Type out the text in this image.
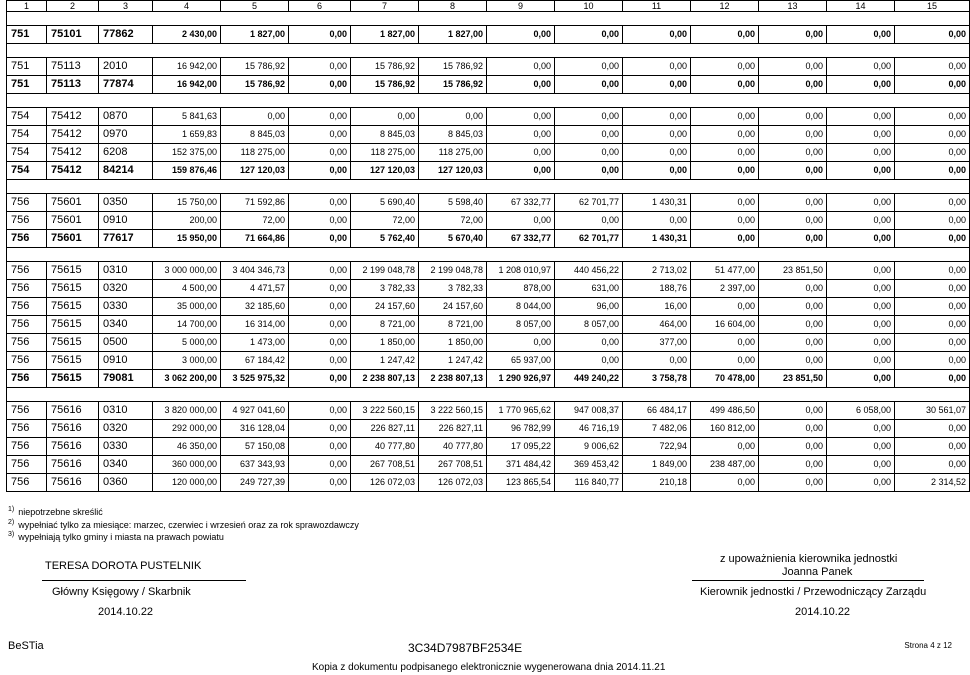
1	2	3	4	5	6	7	8	9	10	11	12	13	14	15

751	75101	77862	2 430,00	1 827,00	0,00	1 827,00	1 827,00	0,00	0,00	0,00	0,00	0,00	0,00	0,00

751	75113	2010	16 942,00	15 786,92	0,00	15 786,92	15 786,92	0,00	0,00	0,00	0,00	0,00	0,00	0,00
751	75113	77874	16 942,00	15 786,92	0,00	15 786,92	15 786,92	0,00	0,00	0,00	0,00	0,00	0,00	0,00

754	75412	0870	5 841,63	0,00	0,00	0,00	0,00	0,00	0,00	0,00	0,00	0,00	0,00	0,00
754	75412	0970	1 659,83	8 845,03	0,00	8 845,03	8 845,03	0,00	0,00	0,00	0,00	0,00	0,00	0,00
754	75412	6208	152 375,00	118 275,00	0,00	118 275,00	118 275,00	0,00	0,00	0,00	0,00	0,00	0,00	0,00
754	75412	84214	159 876,46	127 120,03	0,00	127 120,03	127 120,03	0,00	0,00	0,00	0,00	0,00	0,00	0,00

756	75601	0350	15 750,00	71 592,86	0,00	5 690,40	5 598,40	67 332,77	62 701,77	1 430,31	0,00	0,00	0,00	0,00
756	75601	0910	200,00	72,00	0,00	72,00	72,00	0,00	0,00	0,00	0,00	0,00	0,00	0,00
756	75601	77617	15 950,00	71 664,86	0,00	5 762,40	5 670,40	67 332,77	62 701,77	1 430,31	0,00	0,00	0,00	0,00

756	75615	0310	3 000 000,00	3 404 346,73	0,00	2 199 048,78	2 199 048,78	1 208 010,97	440 456,22	2 713,02	51 477,00	23 851,50	0,00	0,00
756	75615	0320	4 500,00	4 471,57	0,00	3 782,33	3 782,33	878,00	631,00	188,76	2 397,00	0,00	0,00	0,00
756	75615	0330	35 000,00	32 185,60	0,00	24 157,60	24 157,60	8 044,00	96,00	16,00	0,00	0,00	0,00	0,00
756	75615	0340	14 700,00	16 314,00	0,00	8 721,00	8 721,00	8 057,00	8 057,00	464,00	16 604,00	0,00	0,00	0,00
756	75615	0500	5 000,00	1 473,00	0,00	1 850,00	1 850,00	0,00	0,00	377,00	0,00	0,00	0,00	0,00
756	75615	0910	3 000,00	67 184,42	0,00	1 247,42	1 247,42	65 937,00	0,00	0,00	0,00	0,00	0,00	0,00
756	75615	79081	3 062 200,00	3 525 975,32	0,00	2 238 807,13	2 238 807,13	1 290 926,97	449 240,22	3 758,78	70 478,00	23 851,50	0,00	0,00

756	75616	0310	3 820 000,00	4 927 041,60	0,00	3 222 560,15	3 222 560,15	1 770 965,62	947 008,37	66 484,17	499 486,50	0,00	6 058,00	30 561,07
756	75616	0320	292 000,00	316 128,04	0,00	226 827,11	226 827,11	96 782,99	46 716,19	7 482,06	160 812,00	0,00	0,00	0,00
756	75616	0330	46 350,00	57 150,08	0,00	40 777,80	40 777,80	17 095,22	9 006,62	722,94	0,00	0,00	0,00	0,00
756	75616	0340	360 000,00	637 343,93	0,00	267 708,51	267 708,51	371 484,42	369 453,42	1 849,00	238 487,00	0,00	0,00	0,00
756	75616	0360	120 000,00	249 727,39	0,00	126 072,03	126 072,03	123 865,54	116 840,77	210,18	0,00	0,00	0,00	2 314,52
$^{1)}$ niepotrzebne skreślić
$^{2)}$ wypełniać tylko za miesiące: marzec, czerwiec i wrzesień oraz za rok sprawozdawczy
$^{3)}$ wypełniają tylko gminy i miasta na prawach powiatu
TERESA DOROTA PUSTELNIK
Główny Księgowy / Skarbnik
2014.10.22
z upoważnienia kierownika jednostki
Joanna Panek
Kierownik jednostki / Przewodniczący Zarządu
2014.10.22
BeSTia	3C34D7987BF2534E	Strona 4 z 12
Kopia z dokumentu podpisanego elektronicznie wygenerowana dnia 2014.11.21
